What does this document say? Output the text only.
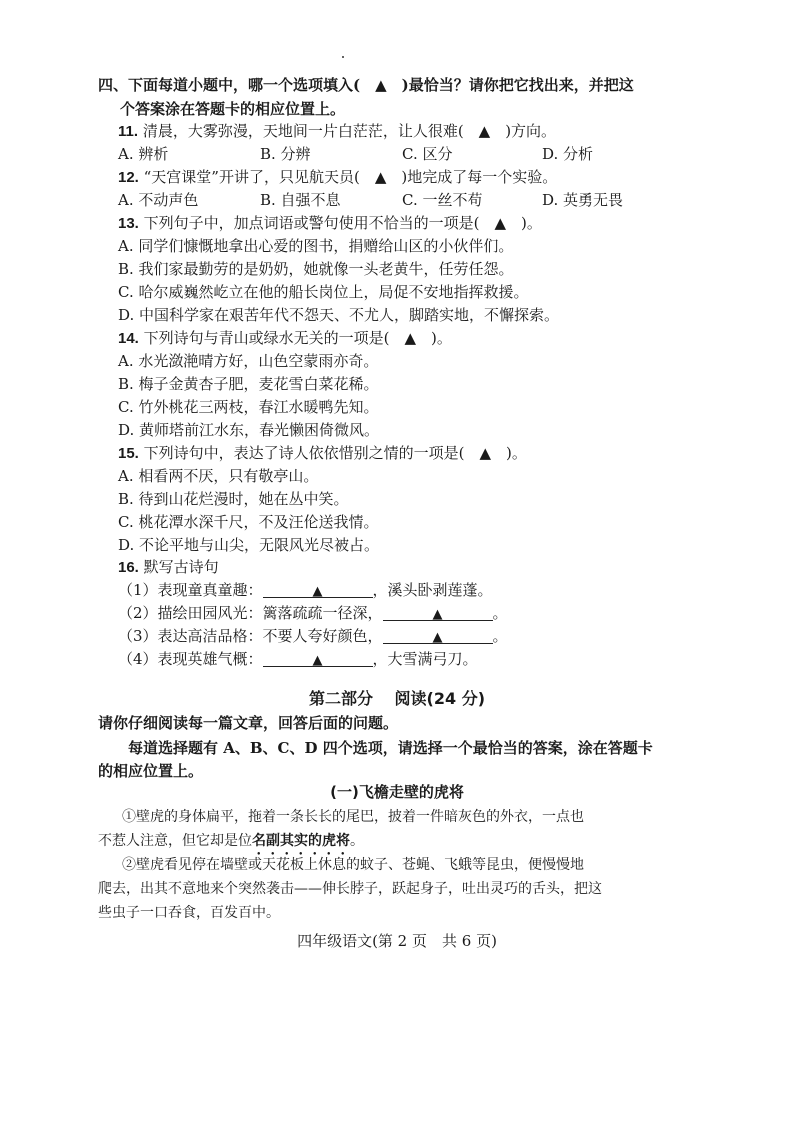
四、下面每道小题中，哪一个选项填入(　▲　)最恰当？请你把它找出来，并把这
个答案涂在答题卡的相应位置上。
11. 清晨，大雾弥漫，天地间一片白茫茫，让人很难(　▲　)方向。
A. 辨析	B. 分辨	C. 区分	D. 分析
12. “天宫课堂”开讲了，只见航天员(　▲　)地完成了每一个实验。
A. 不动声色	B. 自强不息	C. 一丝不苟	D. 英勇无畏
13. 下列句子中，加点词语或警句使用不恰当的一项是(　▲　)。
A. 同学们慷慨地拿出心爱的图书，捐赠给山区的小伙伴们。
B. 我们家最勤劳的是奶奶，她就像一头老黄牛，任劳任怨。
C. 哈尔威巍然屹立在他的船长岗位上，局促不安地指挥救援。
D. 中国科学家在艰苦年代不怨天、不尤人，脚踏实地，不懈探索。
14. 下列诗句与青山或绿水无关的一项是(　▲　)。
A. 水光潋滟晴方好，山色空蒙雨亦奇。
B. 梅子金黄杏子肥，麦花雪白菜花稀。
C. 竹外桃花三两枝，春江水暖鸭先知。
D. 黄师塔前江水东，春光懒困倚微风。
15. 下列诗句中，表达了诗人依依惜别之情的一项是(　▲　)。
A. 相看两不厌，只有敬亭山。
B. 待到山花烂漫时，她在丛中笑。
C. 桃花潭水深千尺，不及汪伦送我情。
D. 不论平地与山尖，无限风光尽被占。
16. 默写古诗句
（1）表现童真童趣：	▲	，溪头卧剥莲蓬。
（2）描绘田园风光：篱落疏疏一径深，	▲	。
（3）表达高洁品格：不要人夸好颜色，	▲	。
（4）表现英雄气概：	▲	，大雪满弓刀。
第二部分　 阅读(24 分)
请你仔细阅读每一篇文章，回答后面的问题。
每道选择题有 A、B、C、D 四个选项，请选择一个最恰当的答案，涂在答题卡
的相应位置上。
(一)飞檐走壁的虎将
①壁虎的身体扁平，拖着一条长长的尾巴，披着一件暗灰色的外衣，一点也
不惹人注意，但它却是位名副其实的虎将。
②壁虎看见停在墙壁或天花板上休息的蚊子、苍蝇、飞蛾等昆虫，便慢慢地
爬去，出其不意地来个突然袭击——伸长脖子，跃起身子，吐出灵巧的舌头，把这
些虫子一口吞食，百发百中。
四年级语文(第 2 页　共 6 页)
